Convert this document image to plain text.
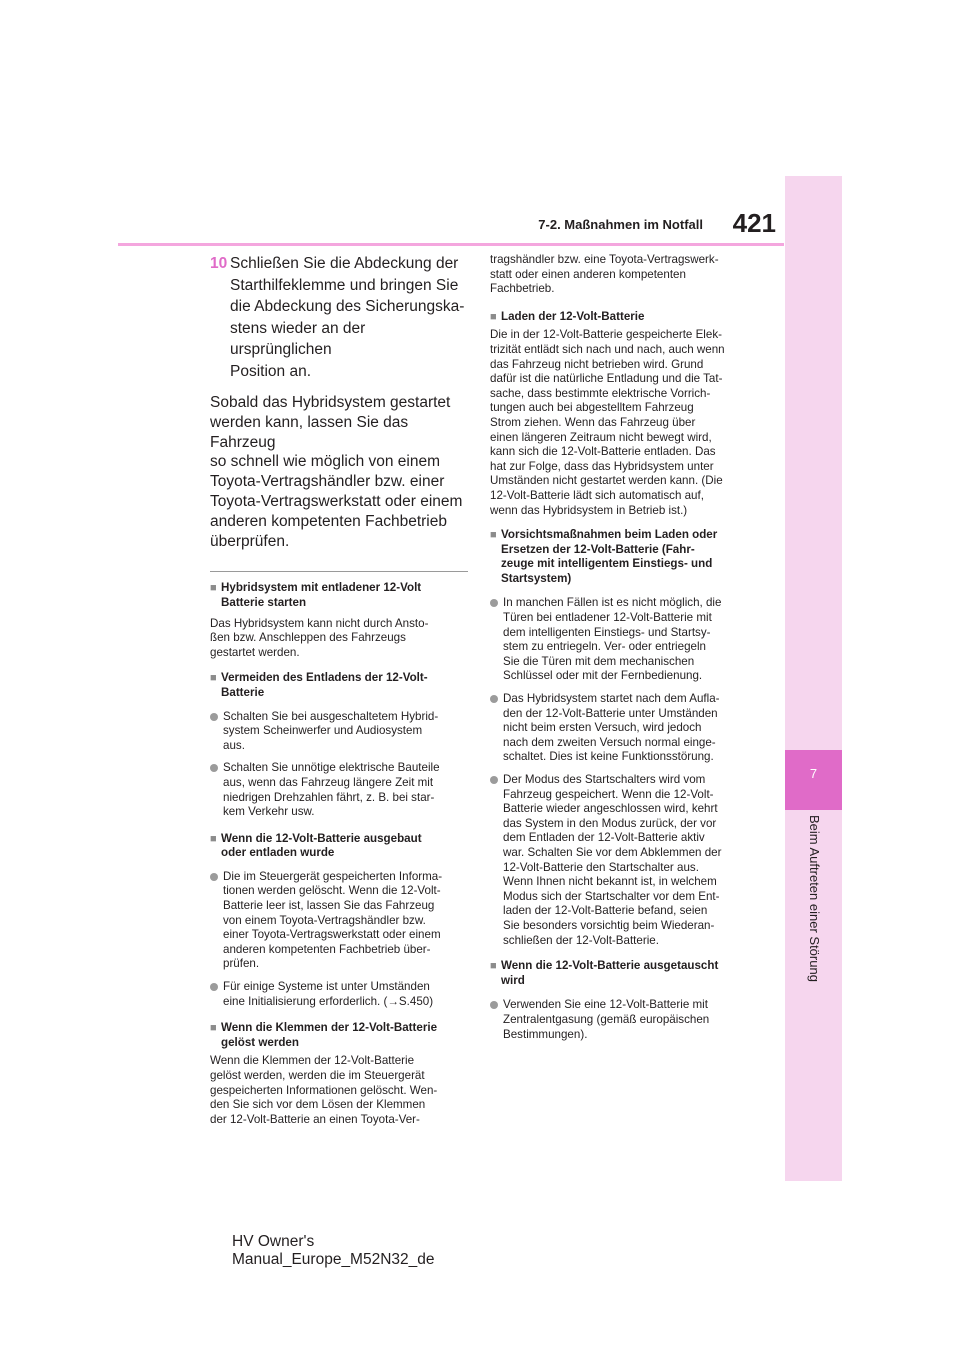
421
7-2. Maßnahmen im Notfall
7
Beim Auftreten einer Störung
10 Schließen Sie die Abdeckung der
Starthilfeklemme und bringen Sie
die Abdeckung des Sicherungska-
stens wieder an der ursprünglichen
Position an.
Sobald das Hybridsystem gestartet
werden kann, lassen Sie das Fahrzeug
so schnell wie möglich von einem
Toyota-Vertragshändler bzw. einer
Toyota-Vertragswerkstatt oder einem
anderen kompetenten Fachbetrieb
überprüfen.
■ Hybridsystem mit entladener 12-Volt
Batterie starten
Das Hybridsystem kann nicht durch Ansto-
ßen bzw. Anschleppen des Fahrzeugs
gestartet werden.
■ Vermeiden des Entladens der 12-Volt-
Batterie
Schalten Sie bei ausgeschaltetem Hybrid-
system Scheinwerfer und Audiosystem
aus.
Schalten Sie unnötige elektrische Bauteile
aus, wenn das Fahrzeug längere Zeit mit
niedrigen Drehzahlen fährt, z. B. bei star-
kem Verkehr usw.
■ Wenn die 12-Volt-Batterie ausgebaut
oder entladen wurde
Die im Steuergerät gespeicherten Informa-
tionen werden gelöscht. Wenn die 12-Volt-
Batterie leer ist, lassen Sie das Fahrzeug
von einem Toyota-Vertragshändler bzw.
einer Toyota-Vertragswerkstatt oder einem
anderen kompetenten Fachbetrieb über-
prüfen.
Für einige Systeme ist unter Umständen
eine Initialisierung erforderlich. (→S.450)
■ Wenn die Klemmen der 12-Volt-Batterie
gelöst werden
Wenn die Klemmen der 12-Volt-Batterie
gelöst werden, werden die im Steuergerät
gespeicherten Informationen gelöscht. Wen-
den Sie sich vor dem Lösen der Klemmen
der 12-Volt-Batterie an einen Toyota-Ver-
tragshändler bzw. eine Toyota-Vertragswerk-
statt oder einen anderen kompetenten
Fachbetrieb.
■ Laden der 12-Volt-Batterie
Die in der 12-Volt-Batterie gespeicherte Elek-
trizität entlädt sich nach und nach, auch wenn
das Fahrzeug nicht betrieben wird. Grund
dafür ist die natürliche Entladung und die Tat-
sache, dass bestimmte elektrische Vorrich-
tungen auch bei abgestelltem Fahrzeug
Strom ziehen. Wenn das Fahrzeug über
einen längeren Zeitraum nicht bewegt wird,
kann sich die 12-Volt-Batterie entladen. Das
hat zur Folge, dass das Hybridsystem unter
Umständen nicht gestartet werden kann. (Die
12-Volt-Batterie lädt sich automatisch auf,
wenn das Hybridsystem in Betrieb ist.)
■ Vorsichtsmaßnahmen beim Laden oder
Ersetzen der 12-Volt-Batterie (Fahr-
zeuge mit intelligentem Einstiegs- und
Startsystem)
In manchen Fällen ist es nicht möglich, die
Türen bei entladener 12-Volt-Batterie mit
dem intelligenten Einstiegs- und Startsy-
stem zu entriegeln. Ver- oder entriegeln
Sie die Türen mit dem mechanischen
Schlüssel oder mit der Fernbedienung.
Das Hybridsystem startet nach dem Aufla-
den der 12-Volt-Batterie unter Umständen
nicht beim ersten Versuch, wird jedoch
nach dem zweiten Versuch normal einge-
schaltet. Dies ist keine Funktionsstörung.
Der Modus des Startschalters wird vom
Fahrzeug gespeichert. Wenn die 12-Volt-
Batterie wieder angeschlossen wird, kehrt
das System in den Modus zurück, der vor
dem Entladen der 12-Volt-Batterie aktiv
war. Schalten Sie vor dem Abklemmen der
12-Volt-Batterie den Startschalter aus.
Wenn Ihnen nicht bekannt ist, in welchem
Modus sich der Startschalter vor dem Ent-
laden der 12-Volt-Batterie befand, seien
Sie besonders vorsichtig beim Wiederan-
schließen der 12-Volt-Batterie.
■ Wenn die 12-Volt-Batterie ausgetauscht
wird
Verwenden Sie eine 12-Volt-Batterie mit
Zentralentgasung (gemäß europäischen
Bestimmungen).
HV Owner's Manual_Europe_M52N32_de
